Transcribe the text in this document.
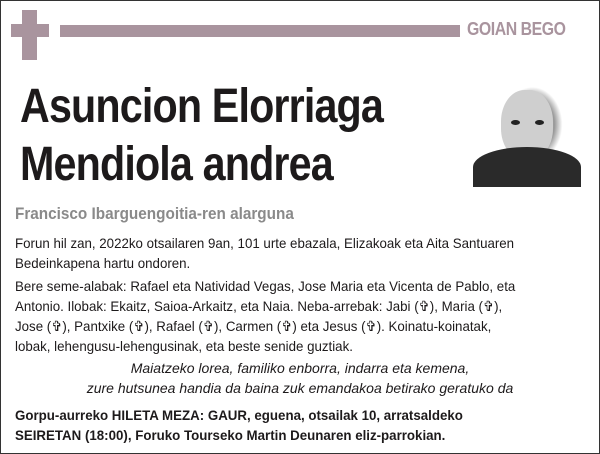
GOIAN BEGO
Asuncion Elorriaga
Mendiola andrea
Francisco Ibarguengoitia-ren alarguna
Forun hil zan, 2022ko otsailaren 9an, 101 urte ebazala, Elizakoak eta Aita Santuaren
Bedeinkapena hartu ondoren.
Bere seme-alabak: Rafael eta Natividad Vegas, Jose Maria eta Vicenta de Pablo, eta
Antonio. Ilobak: Ekaitz, Saioa-Arkaitz, eta Naia. Neba-arrebak: Jabi (✞), Maria (✞),
Jose (✞), Pantxike (✞), Rafael (✞), Carmen (✞) eta Jesus (✞). Koinatu-koinatak,
lobak, lehengusu-lehengusinak, eta beste senide guztiak.
Maiatzeko lorea, familiko enborra, indarra eta kemena,
zure hutsunea handia da baina zuk emandakoa betirako geratuko da
Gorpu-aurreko HILETA MEZA: GAUR, eguena, otsailak 10, arratsaldeko
SEIRETAN (18:00), Foruko Tourseko Martin Deunaren eliz-parrokian.
